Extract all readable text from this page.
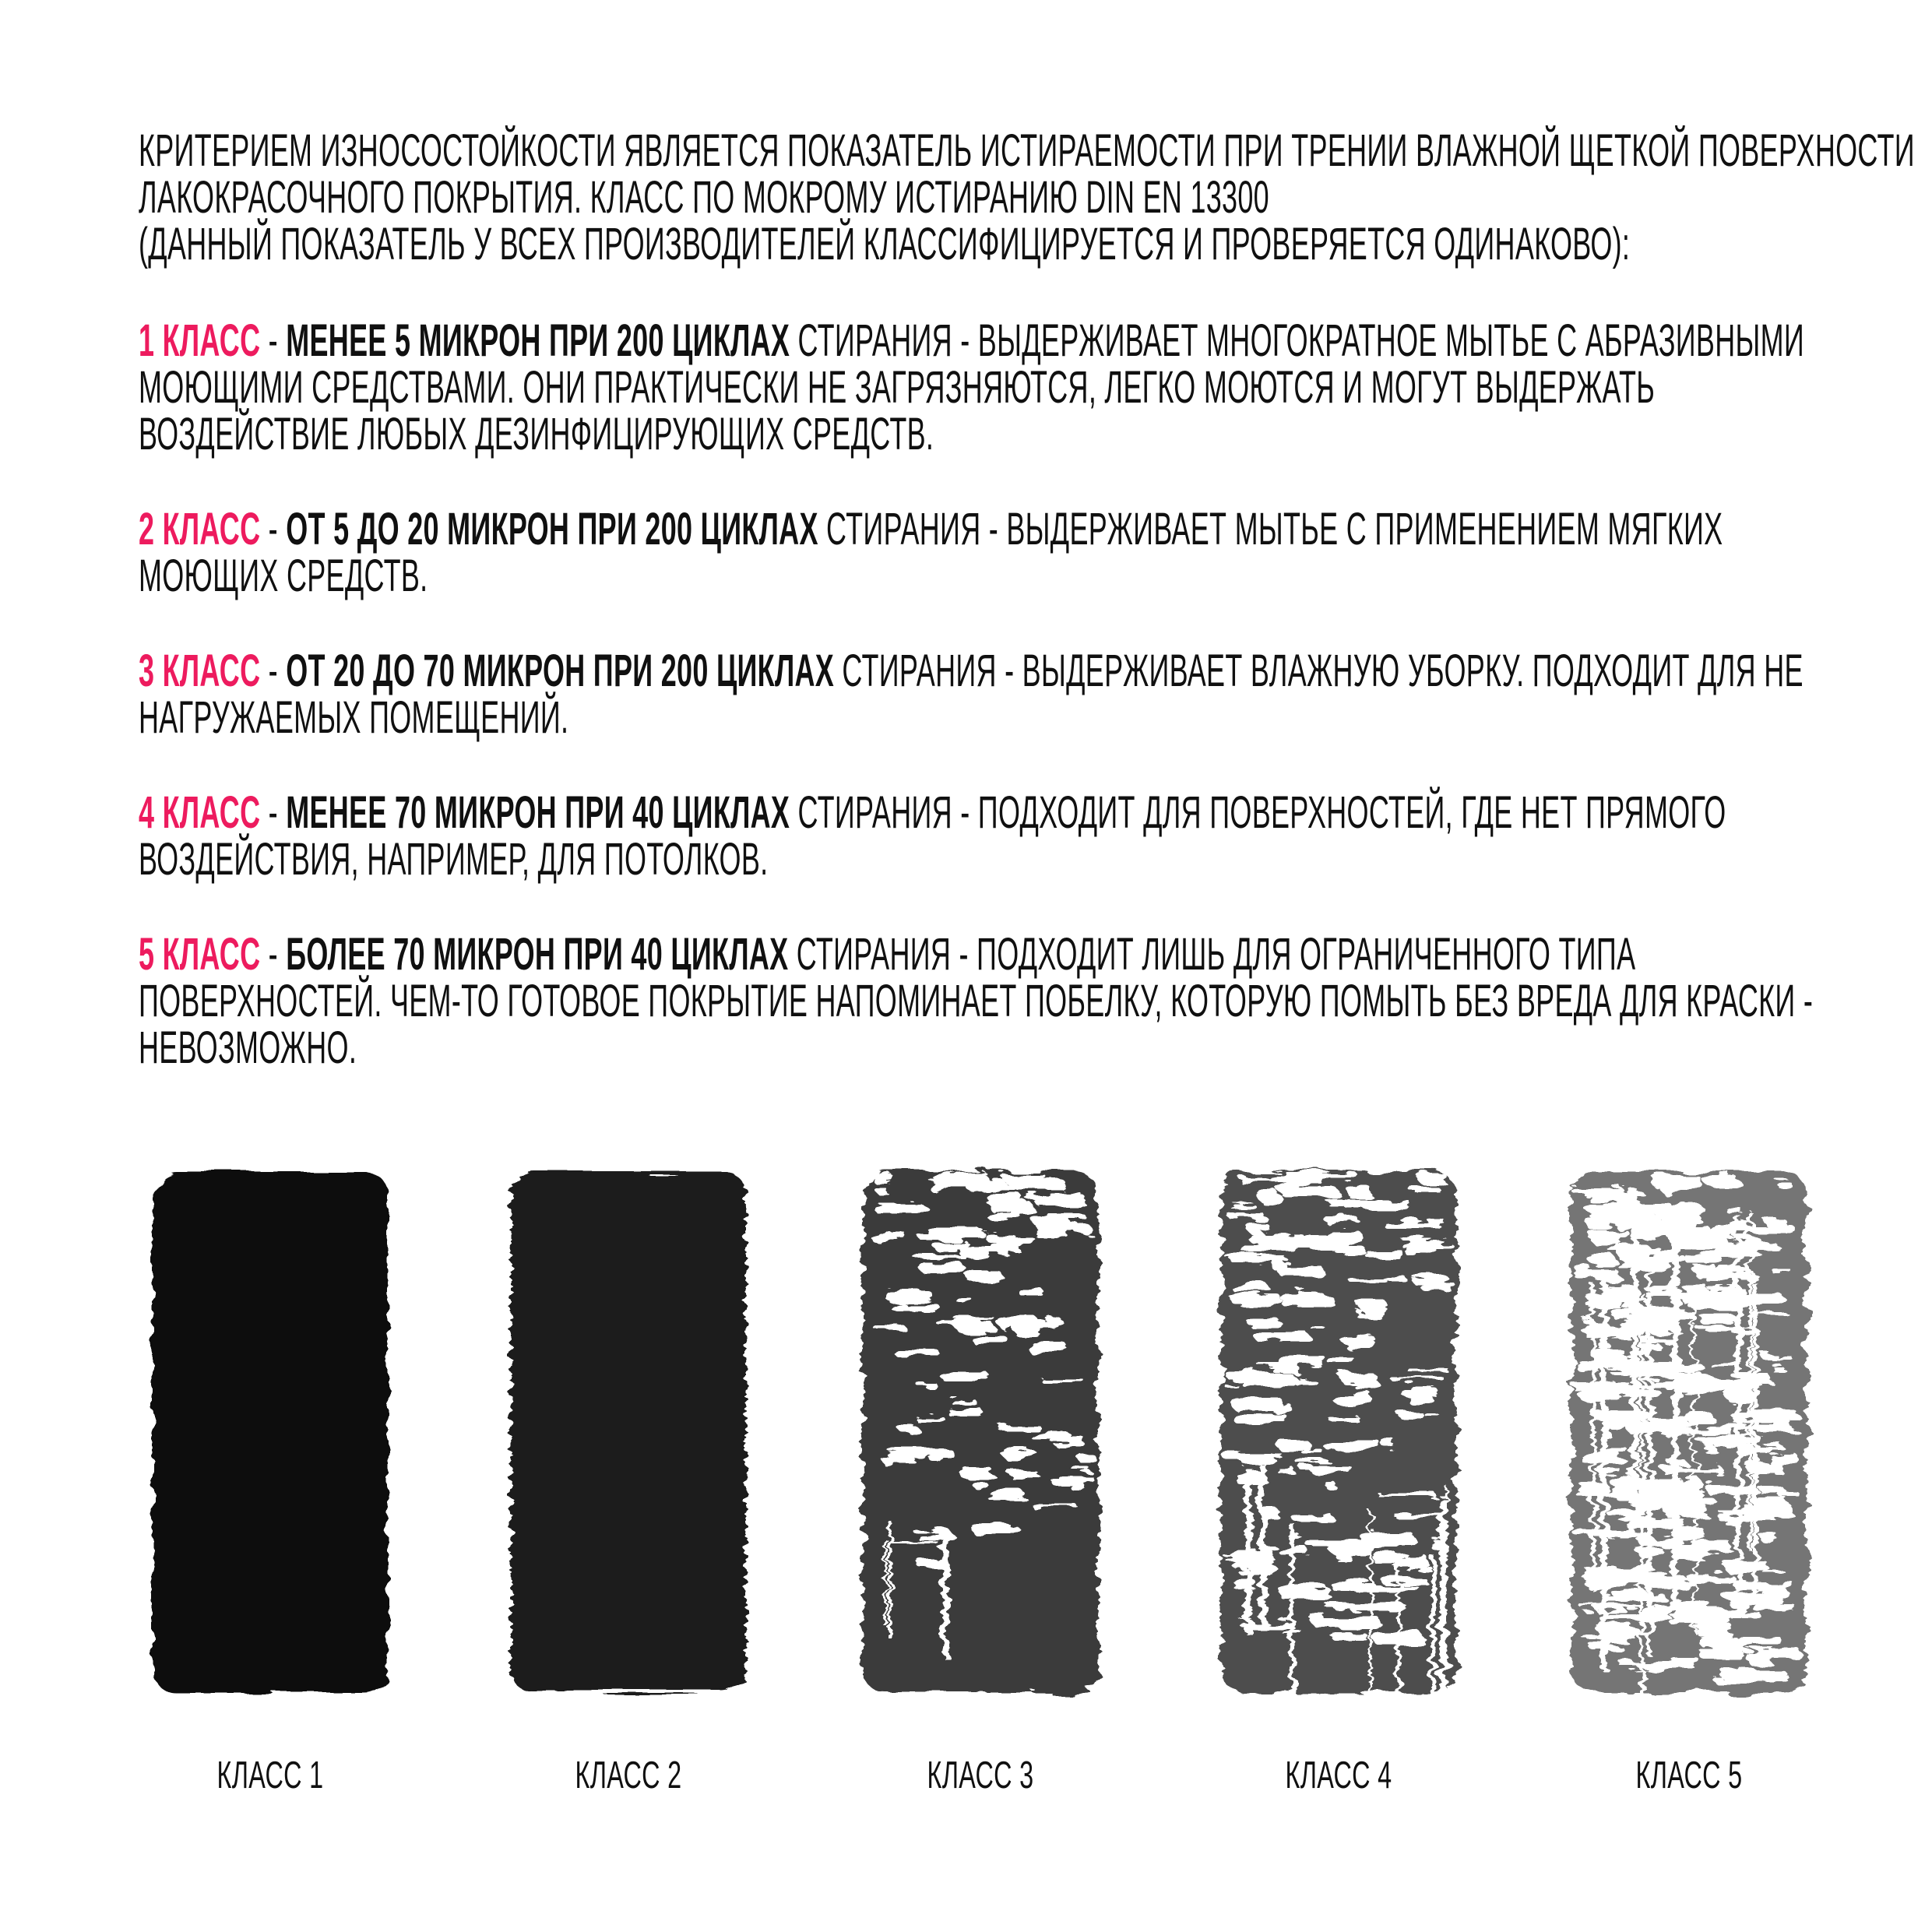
КРИТЕРИЕМ ИЗНОСОСТОЙКОСТИ ЯВЛЯЕТСЯ ПОКАЗАТЕЛЬ ИСТИРАЕМОСТИ ПРИ ТРЕНИИ ВЛАЖНОЙ ЩЕТКОЙ ПОВЕРХНОСТИ
ЛАКОКРАСОЧНОГО ПОКРЫТИЯ. КЛАСС ПО МОКРОМУ ИСТИРАНИЮ DIN EN 13300
(ДАННЫЙ ПОКАЗАТЕЛЬ У ВСЕХ ПРОИЗВОДИТЕЛЕЙ КЛАССИФИЦИРУЕТСЯ И ПРОВЕРЯЕТСЯ ОДИНАКОВО):

1 КЛАСС - МЕНЕЕ 5 МИКРОН ПРИ 200 ЦИКЛАХ СТИРАНИЯ - ВЫДЕРЖИВАЕТ МНОГОКРАТНОЕ МЫТЬЕ С АБРАЗИВНЫМИ МОЮЩИМИ СРЕДСТВАМИ. ОНИ ПРАКТИЧЕСКИ НЕ ЗАГРЯЗНЯЮТСЯ, ЛЕГКО МОЮТСЯ И МОГУТ ВЫДЕРЖАТЬ ВОЗДЕЙСТВИЕ ЛЮБЫХ ДЕЗИНФИЦИРУЮЩИХ СРЕДСТВ.

2 КЛАСС - ОТ 5 ДО 20 МИКРОН ПРИ 200 ЦИКЛАХ СТИРАНИЯ - ВЫДЕРЖИВАЕТ МЫТЬЕ С ПРИМЕНЕНИЕМ МЯГКИХ МОЮЩИХ СРЕДСТВ.

3 КЛАСС - ОТ 20 ДО 70 МИКРОН ПРИ 200 ЦИКЛАХ СТИРАНИЯ - ВЫДЕРЖИВАЕТ ВЛАЖНУЮ УБОРКУ. ПОДХОДИТ ДЛЯ НЕ НАГРУЖАЕМЫХ ПОМЕЩЕНИЙ.

4 КЛАСС - МЕНЕЕ 70 МИКРОН ПРИ 40 ЦИКЛАХ СТИРАНИЯ - ПОДХОДИТ ДЛЯ ПОВЕРХНОСТЕЙ, ГДЕ НЕТ ПРЯМОГО ВОЗДЕЙСТВИЯ, НАПРИМЕР, ДЛЯ ПОТОЛКОВ.

5 КЛАСС - БОЛЕЕ 70 МИКРОН ПРИ 40 ЦИКЛАХ СТИРАНИЯ - ПОДХОДИТ ЛИШЬ ДЛЯ ОГРАНИЧЕННОГО ТИПА ПОВЕРХНОСТЕЙ. ЧЕМ-ТО ГОТОВОЕ ПОКРЫТИЕ НАПОМИНАЕТ ПОБЕЛКУ, КОТОРУЮ ПОМЫТЬ БЕЗ ВРЕДА ДЛЯ КРАСКИ - НЕВОЗМОЖНО.

КЛАСС 1	КЛАСС 2	КЛАСС 3	КЛАСС 4	КЛАСС 5
